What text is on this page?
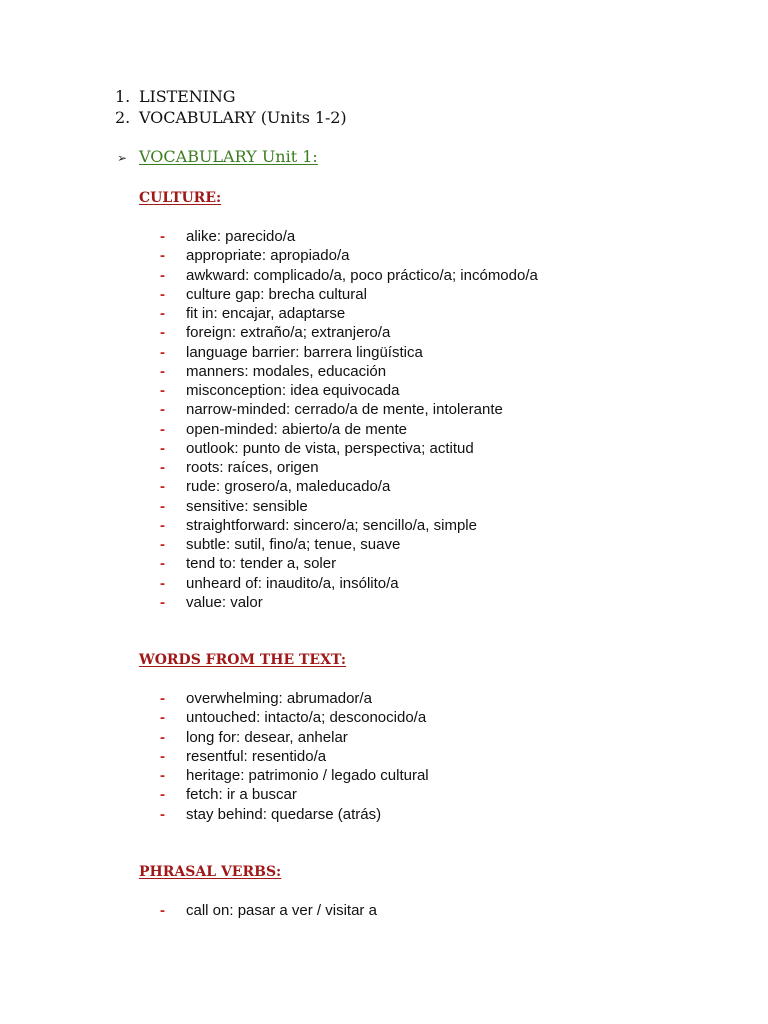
1. LISTENING
2. VOCABULARY (Units 1-2)
➢ VOCABULARY Unit 1:
CULTURE:
- alike: parecido/a
- appropriate: apropiado/a
- awkward: complicado/a, poco práctico/a; incómodo/a
- culture gap: brecha cultural
- fit in: encajar, adaptarse
- foreign: extraño/a; extranjero/a
- language barrier: barrera lingüística
- manners: modales, educación
- misconception: idea equivocada
- narrow-minded: cerrado/a de mente, intolerante
- open-minded: abierto/a de mente
- outlook: punto de vista, perspectiva; actitud
- roots: raíces, origen
- rude: grosero/a, maleducado/a
- sensitive: sensible
- straightforward: sincero/a; sencillo/a, simple
- subtle: sutil, fino/a; tenue, suave
- tend to: tender a, soler
- unheard of: inaudito/a, insólito/a
- value: valor
WORDS FROM THE TEXT:
- overwhelming: abrumador/a
- untouched: intacto/a; desconocido/a
- long for: desear, anhelar
- resentful: resentido/a
- heritage: patrimonio / legado cultural
- fetch: ir a buscar
- stay behind: quedarse (atrás)
PHRASAL VERBS:
- call on: pasar a ver / visitar a
